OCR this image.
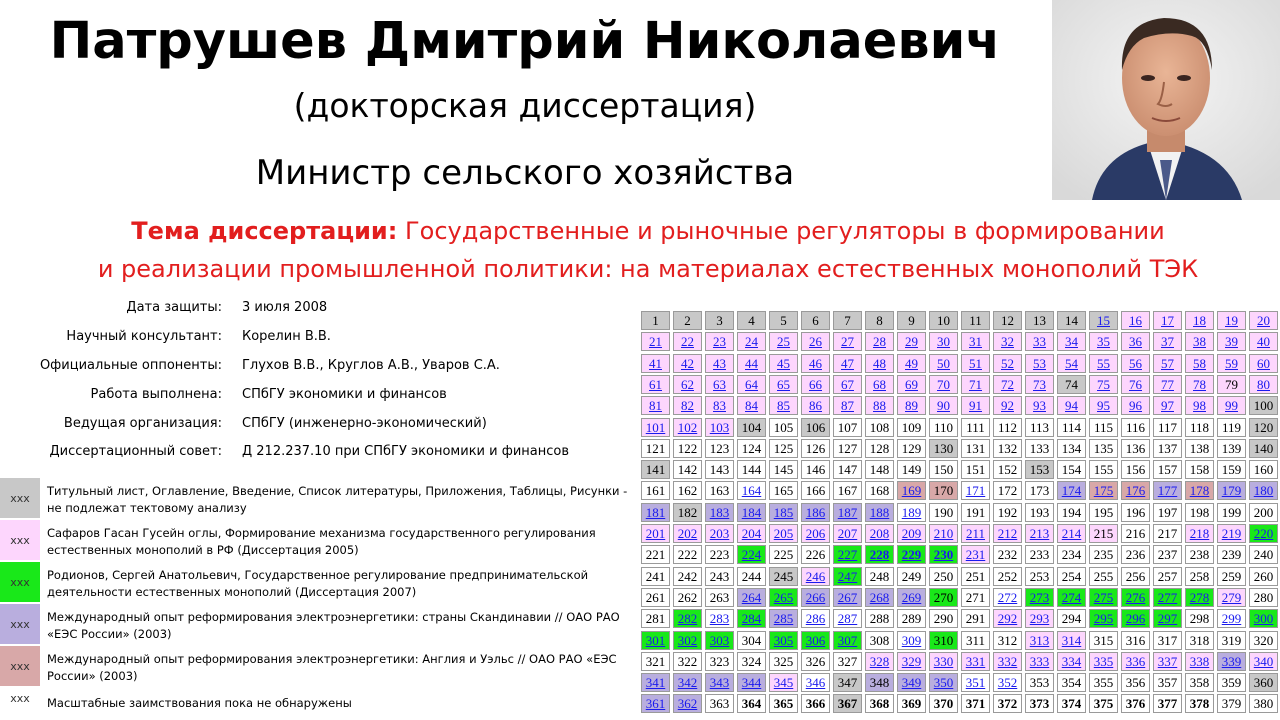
Патрушев Дмитрий Николаевич
(докторская диссертация)
Министр сельского хозяйства
Тема диссертации: Государственные и рыночные регуляторы в формировании
и реализации промышленной политики: на материалах естественных монополий ТЭК
Дата защиты: 3 июля 2008
Научный консультант: Корелин В.В.
Официальные оппоненты: Глухов В.В., Круглов А.В., Уваров С.А.
Работа выполнена: СПбГУ экономики и финансов
Ведущая организация: СПбГУ (инженерно-экономический)
Диссертационный совет: Д 212.237.10 при СПбГУ экономики и финансов
xxx	Титульный лист, Оглавление, Введение, Список литературы, Приложения, Таблицы, Рисунки - не подлежат тектовому анализу
xxx	Сафаров Гасан Гусейн оглы, Формирование механизма государственного регулирования естественных монополий в РФ (Диссертация 2005)
xxx	Родионов, Сергей Анатольевич, Государственное регулирование предпринимательской деятельности естественных монополий (Диссертация 2007)
xxx	Международный опыт реформирования электроэнергетики: страны Скандинавии // ОАО РАО «ЕЭС России» (2003)
xxx	Международный опыт реформирования электроэнергетики: Англия и Уэльс // ОАО РАО «ЕЭС России» (2003)
xxx	Масштабные заимствования пока не обнаружены
1	2	3	4	5	6	7	8	9	10	11	12	13	14	15	16	17	18	19	20
21	22	23	24	25	26	27	28	29	30	31	32	33	34	35	36	37	38	39	40
41	42	43	44	45	46	47	48	49	50	51	52	53	54	55	56	57	58	59	60
61	62	63	64	65	66	67	68	69	70	71	72	73	74	75	76	77	78	79	80
81	82	83	84	85	86	87	88	89	90	91	92	93	94	95	96	97	98	99	100
101 102 103 104 105 106 107 108 109 110	111	112 113 114 115 116 117 118 119 120
121 122 123 124 125 126 127 128 129 130 131 132 133 134 135 136 137 138 139 140
141 142 143 144 145 146 147 148 149 150 151 152 153 154 155 156 157 158 159 160
161 162 163 164 165 166 167 168 169 170 171 172 173 174 175 176 177 178 179 180
181 182 183 184 185 186 187 188 189 190 191 192 193 194 195 196 197 198 199 200
201 202 203 204 205 206 207 208 209 210 211 212 213 214 215 216 217 218 219 220
221 222 223 224 225 226 227 228 229 230 231 232 233 234 235 236 237 238 239 240
241 242 243 244 245 246 247 248 249 250 251 252 253 254 255 256 257 258 259 260
261 262 263 264 265 266 267 268 269 270 271 272 273 274 275 276 277 278 279 280
281 282 283 284 285 286 287 288 289 290 291 292 293 294 295 296 297 298 299 300
301 302 303 304 305 306 307 308 309 310 311 312 313 314 315 316 317 318 319 320
321 322 323 324 325 326 327 328 329 330 331 332 333 334 335 336 337 338 339 340
341 342 343 344 345 346 347 348 349 350 351 352 353 354 355 356 357 358 359 360
361 362 363 364 365 366 367 368 369 370 371 372 373 374 375 376 377 378 379 380
